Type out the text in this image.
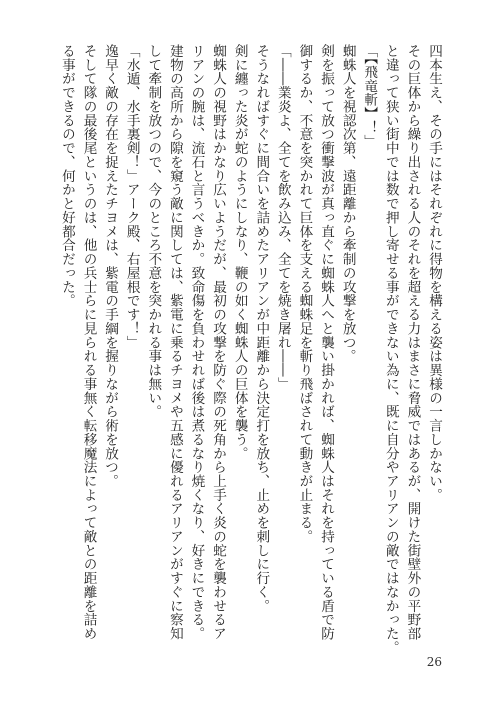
四本生え、その手にはそれぞれに得物を構える姿は異様の一言しかない。

その巨体から繰り出される人のそれを超える力はまさに脅威ではあるが、開けた街壁外の平野部

と違って狭い街中では数で押し寄せる事ができない為に、既に自分やアリアンの敵ではなかった。

「【飛竜斬】！」

蜘蛛人を視認次第、遠距離から牽制の攻撃を放つ。

剣を振って放つ衝撃波が真っ直ぐに蜘蛛人へと襲い掛かれば、蜘蛛人はそれを持っている盾で防

御するか、不意を突かれて巨体を支える蜘蛛足を斬り飛ばされて動きが止まる。

「――業炎よ、全てを飲み込み、全てを焼き屠れ――」

そうなればすぐに間合いを詰めたアリアンが中距離から決定打を放ち、止めを刺しに行く。

剣に纏った炎が蛇のようにしなり、鞭の如く蜘蛛人の巨体を襲う。

蜘蛛人の視野はかなり広いようだが、最初の攻撃を防ぐ際の死角から上手く炎の蛇を襲わせるア

リアンの腕は、流石と言うべきか。致命傷を負わせれば後は煮るなり焼くなり、好きにできる。

建物の高所から隙を窺う敵に関しては、紫電に乗るチヨメや五感に優れるアリアンがすぐに察知

して牽制を放つので、今のところ不意を突かれる事は無い。

「水遁、水手裏剣！」アーク殿、右屋根です！」

逸早く敵の存在を捉えたチヨメは、紫電の手綱を握りながら術を放つ。

そして隊の最後尾というのは、他の兵士らに見られる事無く転移魔法によって敵との距離を詰め

る事ができるので、何かと好都合だった。

26
